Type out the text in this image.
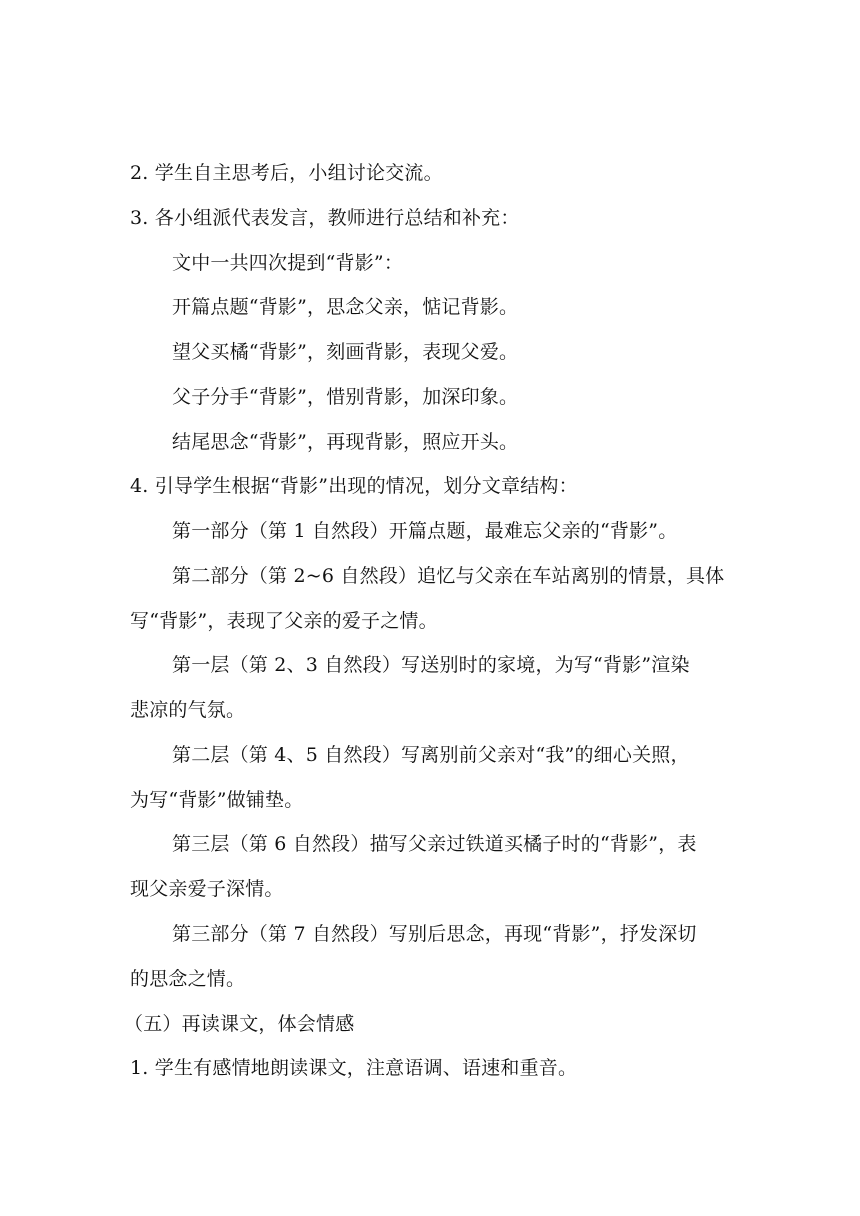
2. 学生自主思考后，小组讨论交流。
3. 各小组派代表发言，教师进行总结和补充：
文中一共四次提到“背影”：
开篇点题“背影”，思念父亲，惦记背影。
望父买橘“背影”，刻画背影，表现父爱。
父子分手“背影”，惜别背影，加深印象。
结尾思念“背影”，再现背影，照应开头。
4. 引导学生根据“背影”出现的情况，划分文章结构：
第一部分（第 1 自然段）开篇点题，最难忘父亲的“背影”。
第二部分（第 2~6 自然段）追忆与父亲在车站离别的情景，具体
写“背影”，表现了父亲的爱子之情。
第一层（第 2、3 自然段）写送别时的家境，为写“背影”渲染
悲凉的气氛。
第二层（第 4、5 自然段）写离别前父亲对“我”的细心关照，
为写“背影”做铺垫。
第三层（第 6 自然段）描写父亲过铁道买橘子时的“背影”，表
现父亲爱子深情。
第三部分（第 7 自然段）写别后思念，再现“背影”，抒发深切
的思念之情。
（五）再读课文，体会情感
1. 学生有感情地朗读课文，注意语调、语速和重音。
